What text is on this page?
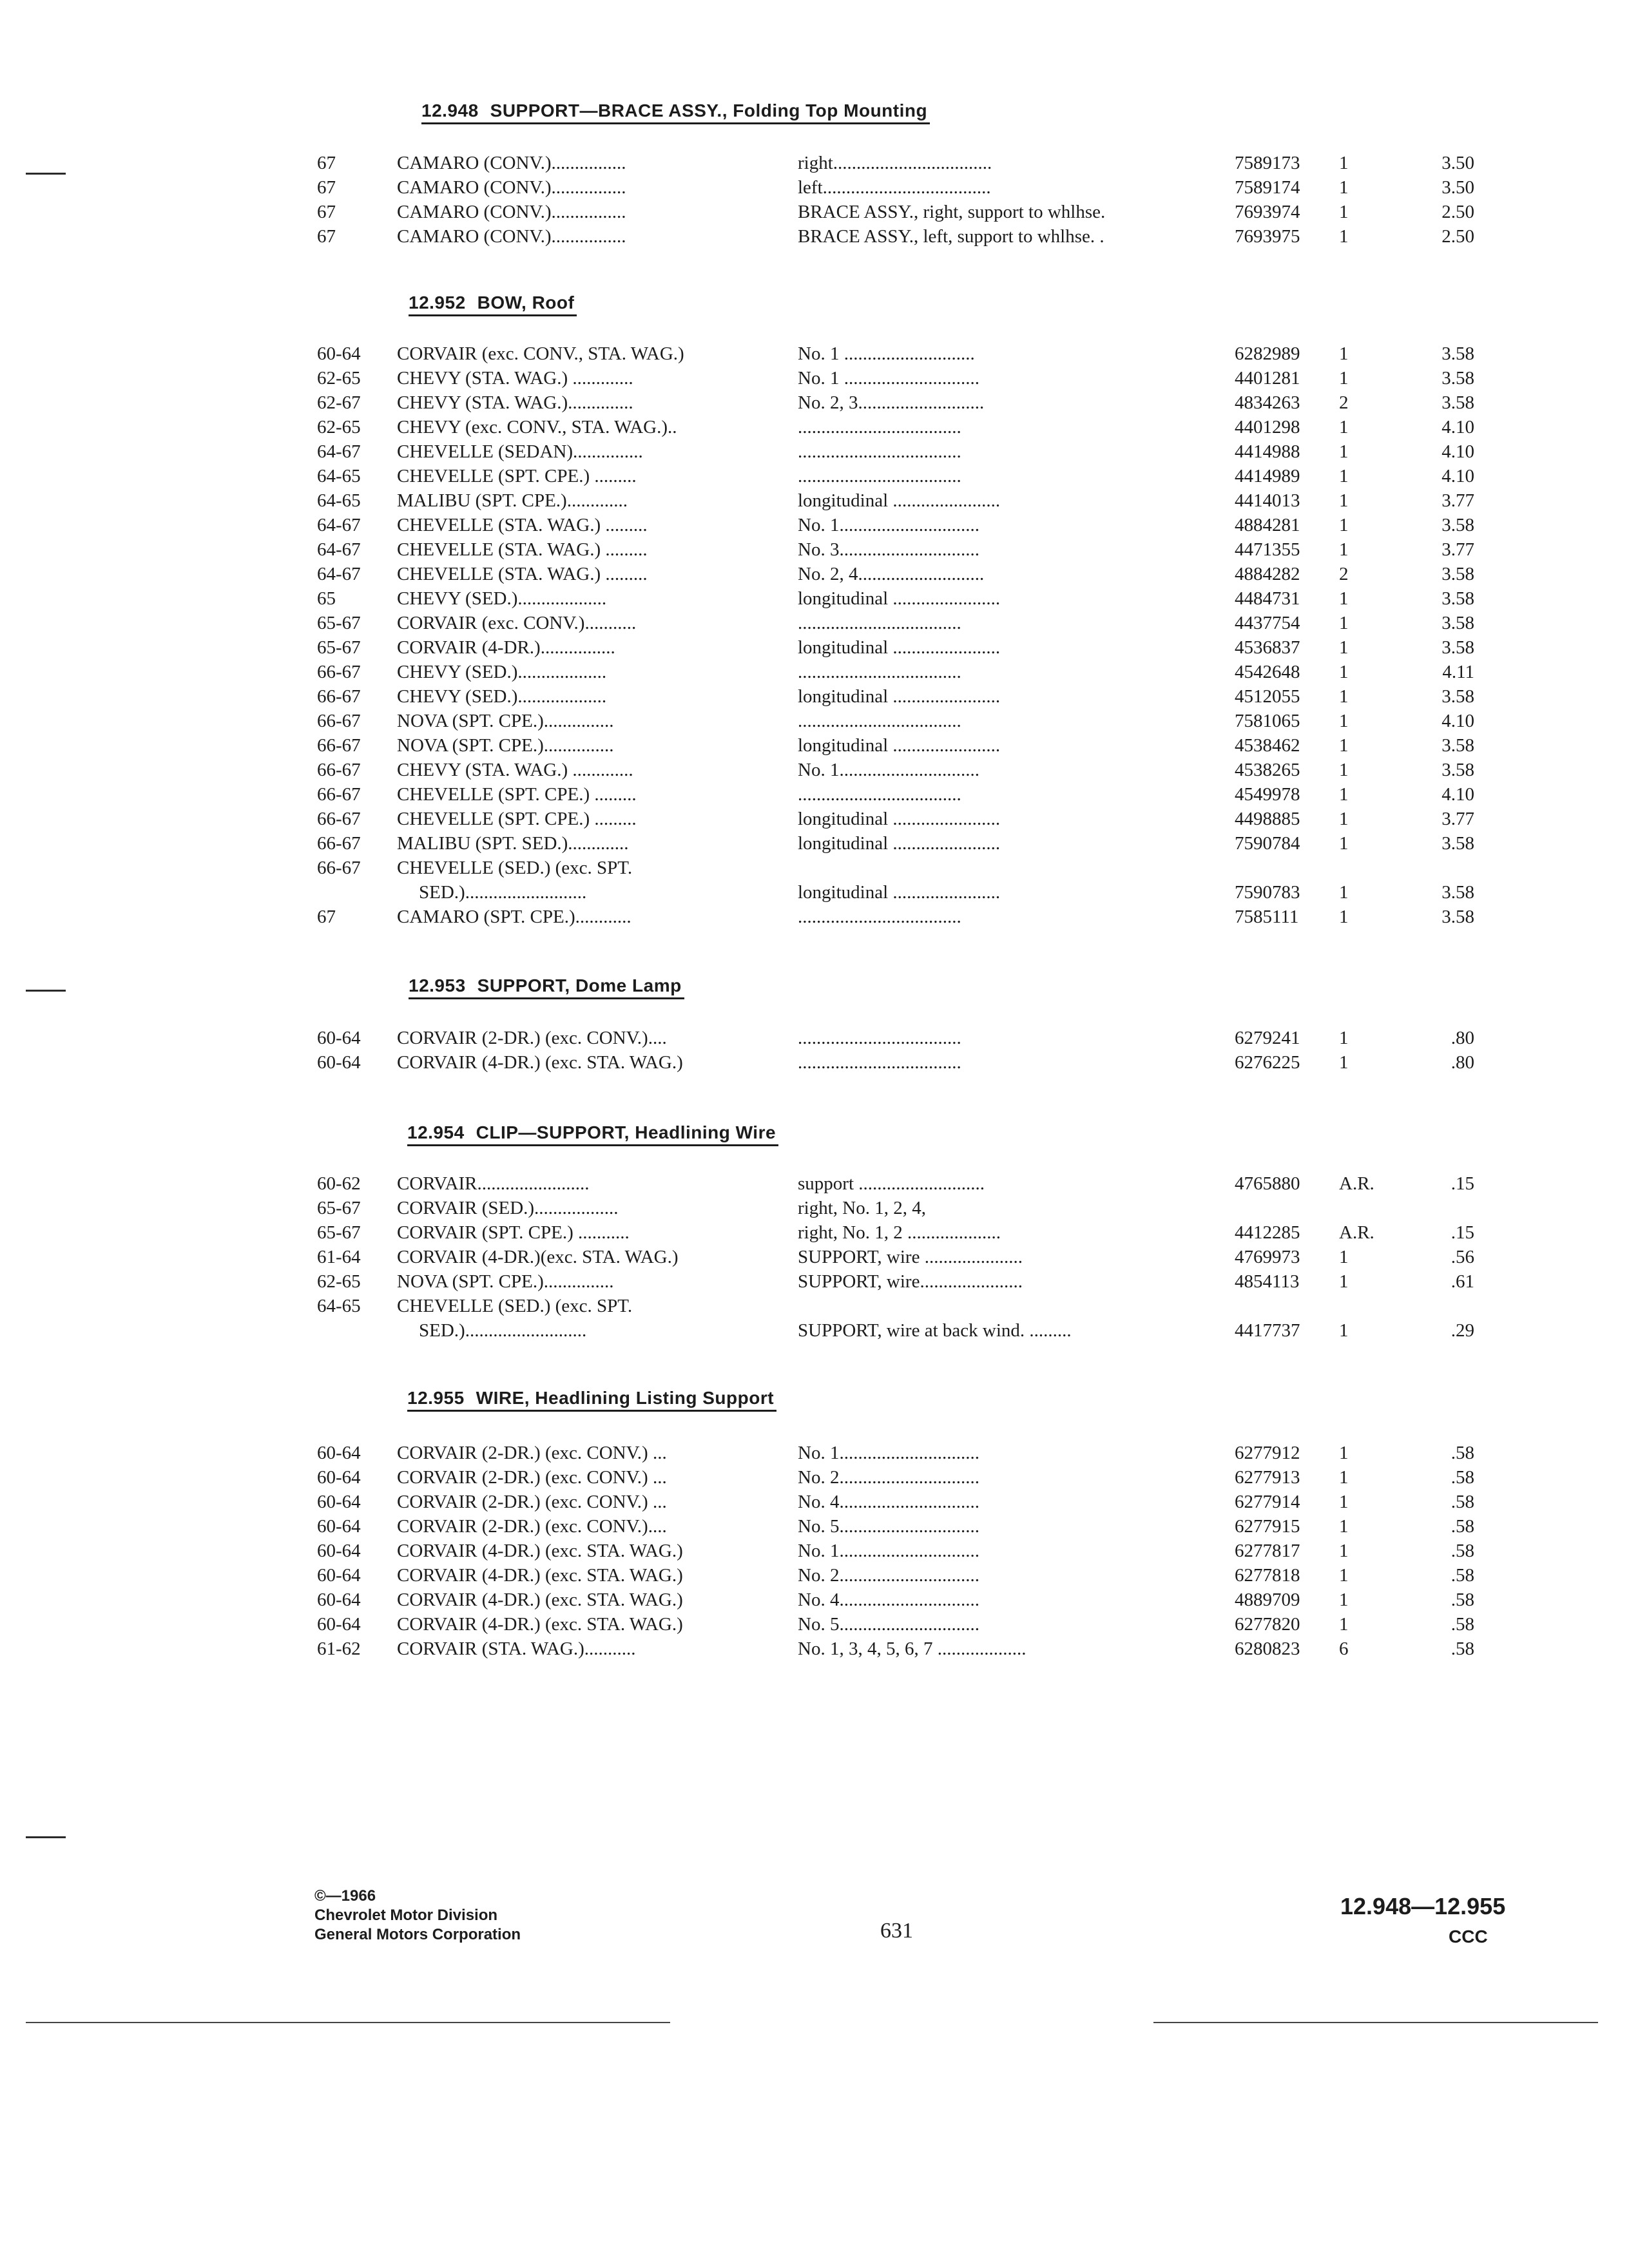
12.948 SUPPORT—BRACE ASSY., Folding Top Mounting
67	CAMARO (CONV.)................	right..................................	7589173	1	3.50
67	CAMARO (CONV.)................	left....................................	7589174	1	3.50
67	CAMARO (CONV.)................	BRACE ASSY., right, support to whlhse.	7693974	1	2.50
67	CAMARO (CONV.)................	BRACE ASSY., left, support to whlhse. .	7693975	1	2.50
12.952 BOW, Roof
60-64	CORVAIR (exc. CONV., STA. WAG.)	No. 1 ............................	6282989	1	3.58
62-65	CHEVY (STA. WAG.) .............	No. 1 .............................	4401281	1	3.58
62-67	CHEVY (STA. WAG.)..............	No. 2, 3...........................	4834263	2	3.58
62-65	CHEVY (exc. CONV., STA. WAG.)..	...................................	4401298	1	4.10
64-67	CHEVELLE (SEDAN)...............	...................................	4414988	1	4.10
64-65	CHEVELLE (SPT. CPE.) .........	...................................	4414989	1	4.10
64-65	MALIBU (SPT. CPE.).............	longitudinal .......................	4414013	1	3.77
64-67	CHEVELLE (STA. WAG.) .........	No. 1..............................	4884281	1	3.58
64-67	CHEVELLE (STA. WAG.) .........	No. 3..............................	4471355	1	3.77
64-67	CHEVELLE (STA. WAG.) .........	No. 2, 4...........................	4884282	2	3.58
65	CHEVY (SED.)...................	longitudinal .......................	4484731	1	3.58
65-67	CORVAIR (exc. CONV.)...........	...................................	4437754	1	3.58
65-67	CORVAIR (4-DR.)................	longitudinal .......................	4536837	1	3.58
66-67	CHEVY (SED.)...................	...................................	4542648	1	4.11
66-67	CHEVY (SED.)...................	longitudinal .......................	4512055	1	3.58
66-67	NOVA (SPT. CPE.)...............	...................................	7581065	1	4.10
66-67	NOVA (SPT. CPE.)...............	longitudinal .......................	4538462	1	3.58
66-67	CHEVY (STA. WAG.) .............	No. 1..............................	4538265	1	3.58
66-67	CHEVELLE (SPT. CPE.) .........	...................................	4549978	1	4.10
66-67	CHEVELLE (SPT. CPE.) .........	longitudinal .......................	4498885	1	3.77
66-67	MALIBU (SPT. SED.).............	longitudinal .......................	7590784	1	3.58
66-67	CHEVELLE (SED.) (exc. SPT.
SED.)..........................	longitudinal .......................	7590783	1	3.58
67	CAMARO (SPT. CPE.)............	...................................	7585111	1	3.58
12.953 SUPPORT, Dome Lamp
60-64	CORVAIR (2-DR.) (exc. CONV.)....	...................................	6279241	1	.80
60-64	CORVAIR (4-DR.) (exc. STA. WAG.)	...................................	6276225	1	.80
12.954 CLIP—SUPPORT, Headlining Wire
60-62	CORVAIR........................	support ...........................	4765880	A.R.	.15
65-67	CORVAIR (SED.)..................	right, No. 1, 2, 4,
65-67	CORVAIR (SPT. CPE.) ...........	right, No. 1, 2 ....................	4412285	A.R.	.15
61-64	CORVAIR (4-DR.)(exc. STA. WAG.)	SUPPORT, wire .....................	4769973	1	.56
62-65	NOVA (SPT. CPE.)...............	SUPPORT, wire......................	4854113	1	.61
64-65	CHEVELLE (SED.) (exc. SPT.
SED.)..........................	SUPPORT, wire at back wind. .........	4417737	1	.29
12.955 WIRE, Headlining Listing Support
60-64	CORVAIR (2-DR.) (exc. CONV.) ...	No. 1..............................	6277912	1	.58
60-64	CORVAIR (2-DR.) (exc. CONV.) ...	No. 2..............................	6277913	1	.58
60-64	CORVAIR (2-DR.) (exc. CONV.) ...	No. 4..............................	6277914	1	.58
60-64	CORVAIR (2-DR.) (exc. CONV.)....	No. 5..............................	6277915	1	.58
60-64	CORVAIR (4-DR.) (exc. STA. WAG.)	No. 1..............................	6277817	1	.58
60-64	CORVAIR (4-DR.) (exc. STA. WAG.)	No. 2..............................	6277818	1	.58
60-64	CORVAIR (4-DR.) (exc. STA. WAG.)	No. 4..............................	4889709	1	.58
60-64	CORVAIR (4-DR.) (exc. STA. WAG.)	No. 5..............................	6277820	1	.58
61-62	CORVAIR (STA. WAG.)...........	No. 1, 3, 4, 5, 6, 7 ...................	6280823	6	.58
©—1966
Chevrolet Motor Division
General Motors Corporation	631
12.948—12.955
CCC
